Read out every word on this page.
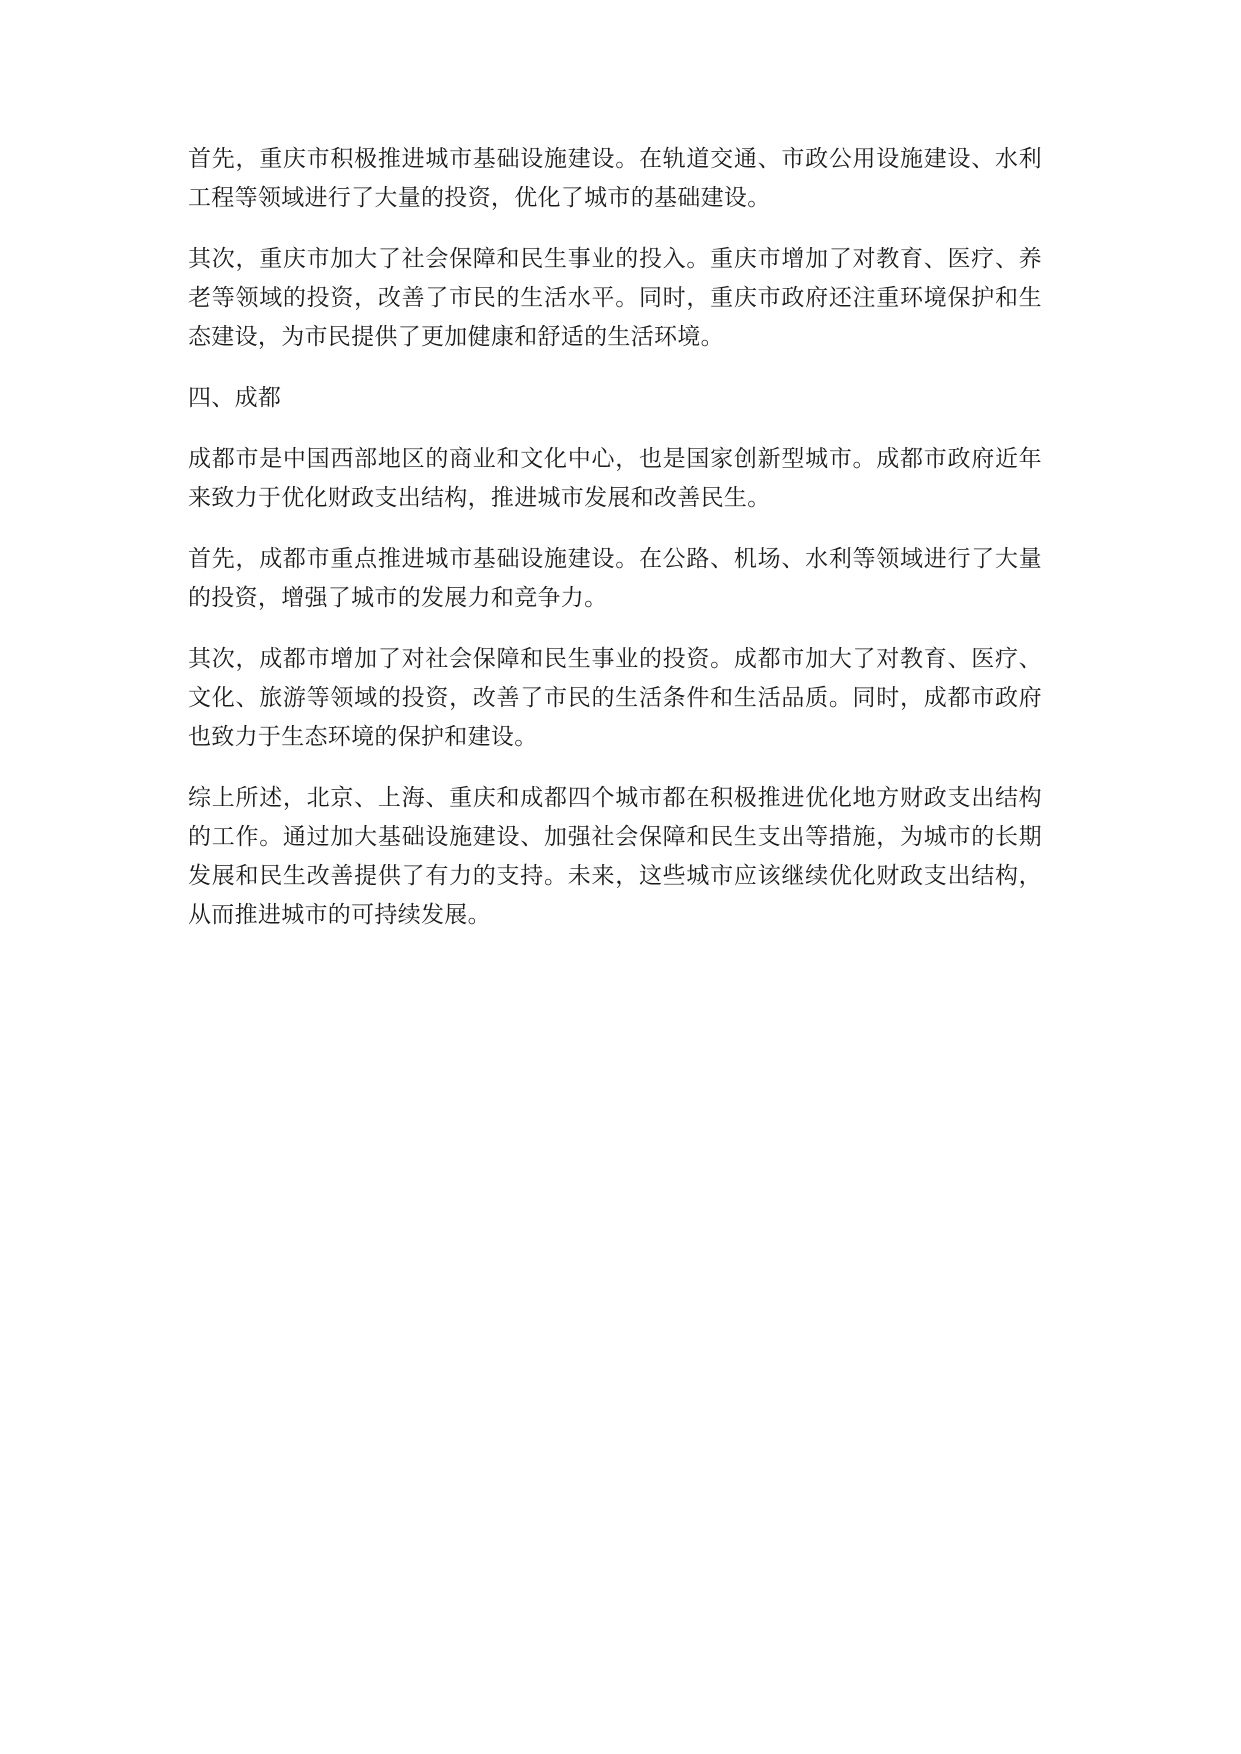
首先，重庆市积极推进城市基础设施建设。在轨道交通、市政公用设施建设、水利工程等领域进行了大量的投资，优化了城市的基础建设。

其次，重庆市加大了社会保障和民生事业的投入。重庆市增加了对教育、医疗、养老等领域的投资，改善了市民的生活水平。同时，重庆市政府还注重环境保护和生态建设，为市民提供了更加健康和舒适的生活环境。

四、成都

成都市是中国西部地区的商业和文化中心，也是国家创新型城市。成都市政府近年来致力于优化财政支出结构，推进城市发展和改善民生。

首先，成都市重点推进城市基础设施建设。在公路、机场、水利等领域进行了大量的投资，增强了城市的发展力和竞争力。

其次，成都市增加了对社会保障和民生事业的投资。成都市加大了对教育、医疗、文化、旅游等领域的投资，改善了市民的生活条件和生活品质。同时，成都市政府也致力于生态环境的保护和建设。

综上所述，北京、上海、重庆和成都四个城市都在积极推进优化地方财政支出结构的工作。通过加大基础设施建设、加强社会保障和民生支出等措施，为城市的长期发展和民生改善提供了有力的支持。未来，这些城市应该继续优化财政支出结构，从而推进城市的可持续发展。
